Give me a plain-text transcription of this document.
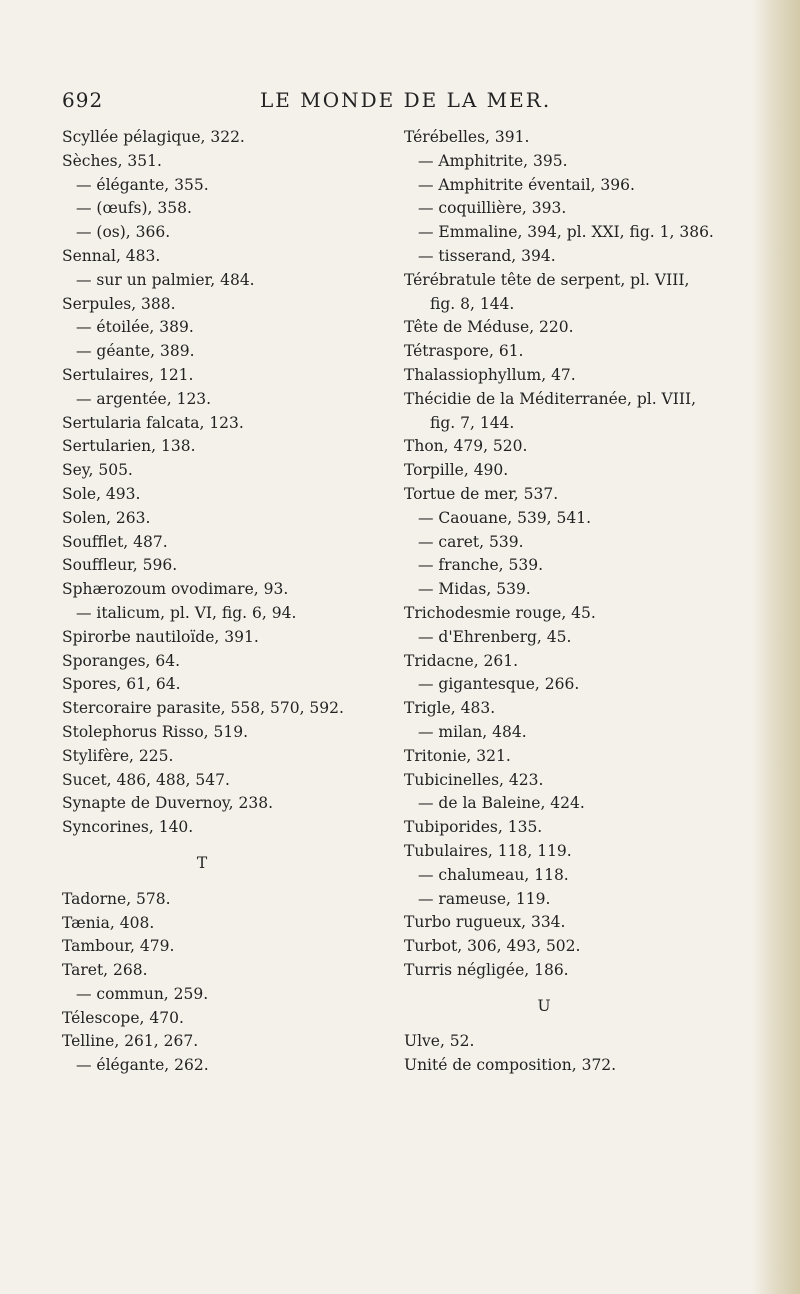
692	LE MONDE DE LA MER.
Scyllée pélagique, 322.
Sèches, 351.
— élégante, 355.
— (œufs), 358.
— (os), 366.
Sennal, 483.
— sur un palmier, 484.
Serpules, 388.
— étoilée, 389.
— géante, 389.
Sertulaires, 121.
— argentée, 123.
Sertularia falcata, 123.
Sertularien, 138.
Sey, 505.
Sole, 493.
Solen, 263.
Soufflet, 487.
Souffleur, 596.
Sphærozoum ovodimare, 93.
— italicum, pl. VI, fig. 6, 94.
Spirorbe nautiloïde, 391.
Sporanges, 64.
Spores, 61, 64.
Stercoraire parasite, 558, 570, 592.
Stolephorus Risso, 519.
Stylifère, 225.
Sucet, 486, 488, 547.
Synapte de Duvernoy, 238.
Syncorines, 140.
T
Tadorne, 578.
Tænia, 408.
Tambour, 479.
Taret, 268.
— commun, 259.
Télescope, 470.
Telline, 261, 267.
— élégante, 262.
Térébelles, 391.
— Amphitrite, 395.
— Amphitrite éventail, 396.
— coquillière, 393.
— Emmaline, 394, pl. XXI, fig. 1, 386.
— tisserand, 394.
Térébratule tête de serpent, pl. VIII,
fig. 8, 144.
Tête de Méduse, 220.
Tétraspore, 61.
Thalassiophyllum, 47.
Thécidie de la Méditerranée, pl. VIII,
fig. 7, 144.
Thon, 479, 520.
Torpille, 490.
Tortue de mer, 537.
— Caouane, 539, 541.
— caret, 539.
— franche, 539.
— Midas, 539.
Trichodesmie rouge, 45.
— d'Ehrenberg, 45.
Tridacne, 261.
— gigantesque, 266.
Trigle, 483.
— milan, 484.
Tritonie, 321.
Tubicinelles, 423.
— de la Baleine, 424.
Tubiporides, 135.
Tubulaires, 118, 119.
— chalumeau, 118.
— rameuse, 119.
Turbo rugueux, 334.
Turbot, 306, 493, 502.
Turris négligée, 186.
U
Ulve, 52.
Unité de composition, 372.
